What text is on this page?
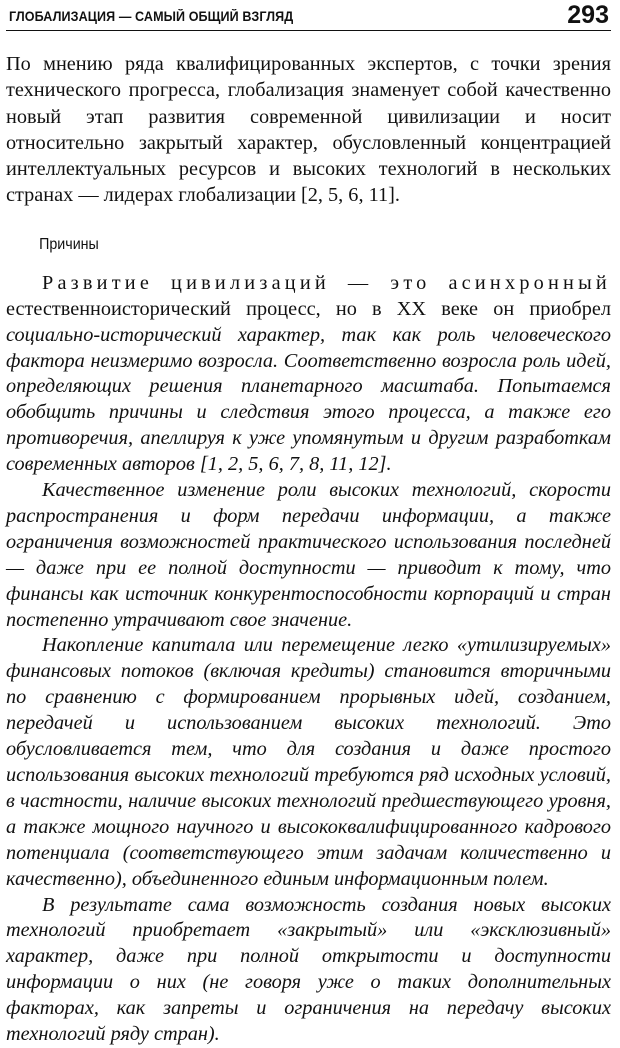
ГЛОБАЛИЗАЦИЯ — САМЫЙ ОБЩИЙ ВЗГЛЯД	293

По мнению ряда квалифицированных экспертов, с точки зрения технического прогресса, глобализация знаменует собой качественно новый этап развития современной цивилизации и носит относительно закрытый характер, обусловленный концентрацией интеллектуальных ресурсов и высоких технологий в нескольких странах — лидерах глобализации [2, 5, 6, 11].

Причины

Развитие цивилизаций — это асинхронный естественноисторический процесс, но в XX веке он приобрел социально-исторический характер, так как роль человеческого фактора неизмеримо возросла. Соответственно возросла роль идей, определяющих решения планетарного масштаба. Попытаемся обобщить причины и следствия этого процесса, а также его противоречия, апеллируя к уже упомянутым и другим разработкам современных авторов [1, 2, 5, 6, 7, 8, 11, 12].

Качественное изменение роли высоких технологий, скорости распространения и форм передачи информации, а также ограничения возможностей практического использования последней — даже при ее полной доступности — приводит к тому, что финансы как источник конкурентоспособности корпораций и стран постепенно утрачивают свое значение.

Накопление капитала или перемещение легко «утилизируемых» финансовых потоков (включая кредиты) становится вторичными по сравнению с формированием прорывных идей, созданием, передачей и использованием высоких технологий. Это обусловливается тем, что для создания и даже простого использования высоких технологий требуются ряд исходных условий, в частности, наличие высоких технологий предшествующего уровня, а также мощного научного и высококвалифицированного кадрового потенциала (соответствующего этим задачам количественно и качественно), объединенного единым информационным полем.

В результате сама возможность создания новых высоких технологий приобретает «закрытый» или «эксклюзивный» характер, даже при полной открытости и доступности информации о них (не говоря уже о таких дополнительных факторах, как запреты и ограничения на передачу высоких технологий ряду стран).
